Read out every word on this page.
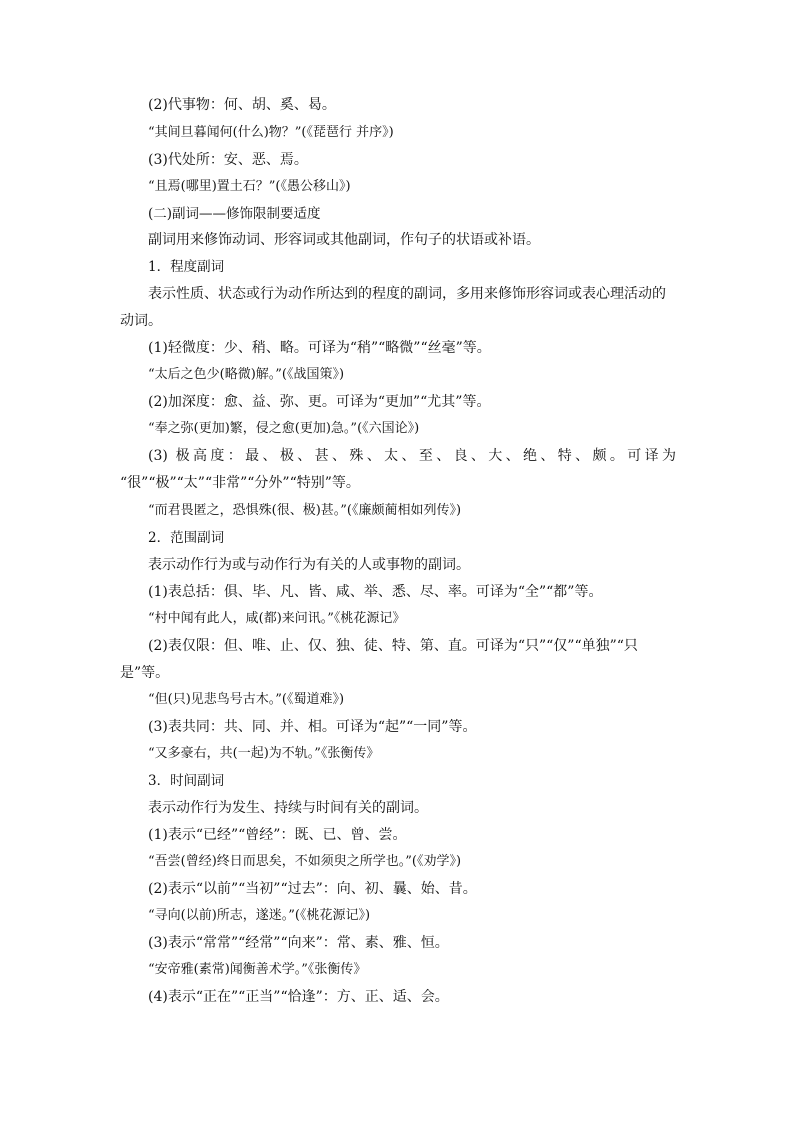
(2)代事物：何、胡、奚、曷。
“其间旦暮闻何(什么)物？”(《琵琶行 并序》)
(3)代处所：安、恶、焉。
“且焉(哪里)置土石？”(《愚公移山》)
(二)副词——修饰限制要适度
副词用来修饰动词、形容词或其他副词，作句子的状语或补语。
1．程度副词
表示性质、状态或行为动作所达到的程度的副词，多用来修饰形容词或表心理活动的
动词。
(1)轻微度：少、稍、略。可译为“稍”“略微”“丝毫”等。
“太后之色少(略微)解。”(《战国策》)
(2)加深度：愈、益、弥、更。可译为“更加”“尤其”等。
“奉之弥(更加)繁，侵之愈(更加)急。”(《六国论》)
(3) 极高度：最、极、甚、殊、太、至、良、大、绝、特、颇。可译为
“很”“极”“太”“非常”“分外”“特别”等。
“而君畏匿之，恐惧殊(很、极)甚。”(《廉颇蔺相如列传》)
2．范围副词
表示动作行为或与动作行为有关的人或事物的副词。
(1)表总括：俱、毕、凡、皆、咸、举、悉、尽、率。可译为“全”“都”等。
“村中闻有此人，咸(都)来问讯。”《桃花源记》
(2)表仅限：但、唯、止、仅、独、徒、特、第、直。可译为“只”“仅”“单独”“只
是”等。
“但(只)见悲鸟号古木。”(《蜀道难》)
(3)表共同：共、同、并、相。可译为“起”“一同”等。
“又多豪右，共(一起)为不轨。”《张衡传》
3．时间副词
表示动作行为发生、持续与时间有关的副词。
(1)表示“已经”“曾经”：既、已、曾、尝。
“吾尝(曾经)终日而思矣，不如须臾之所学也。”(《劝学》)
(2)表示“以前”“当初”“过去”：向、初、曩、始、昔。
“寻向(以前)所志，遂迷。”(《桃花源记》)
(3)表示“常常”“经常”“向来”：常、素、雅、恒。
“安帝雅(素常)闻衡善术学。”《张衡传》
(4)表示“正在”“正当”“恰逢”：方、正、适、会。
